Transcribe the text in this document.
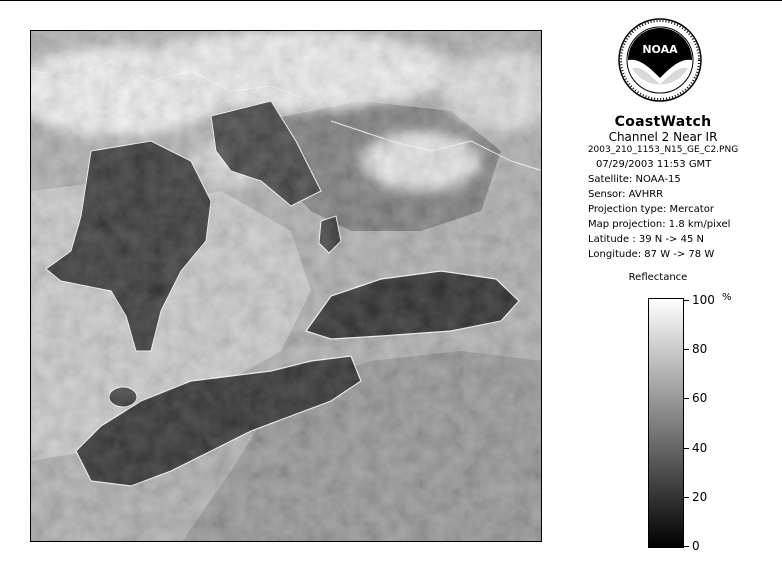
NOAA
CoastWatch
Channel 2 Near IR
2003_210_1153_N15_GE_C2.PNG
07/29/2003 11:53 GMT
Satellite: NOAA-15
Sensor: AVHRR
Projection type: Mercator
Map projection: 1.8 km/pixel
Latitude : 39 N -> 45 N
Longitude: 87 W -> 78 W
Reflectance
%
100
80
60
40
20
0
